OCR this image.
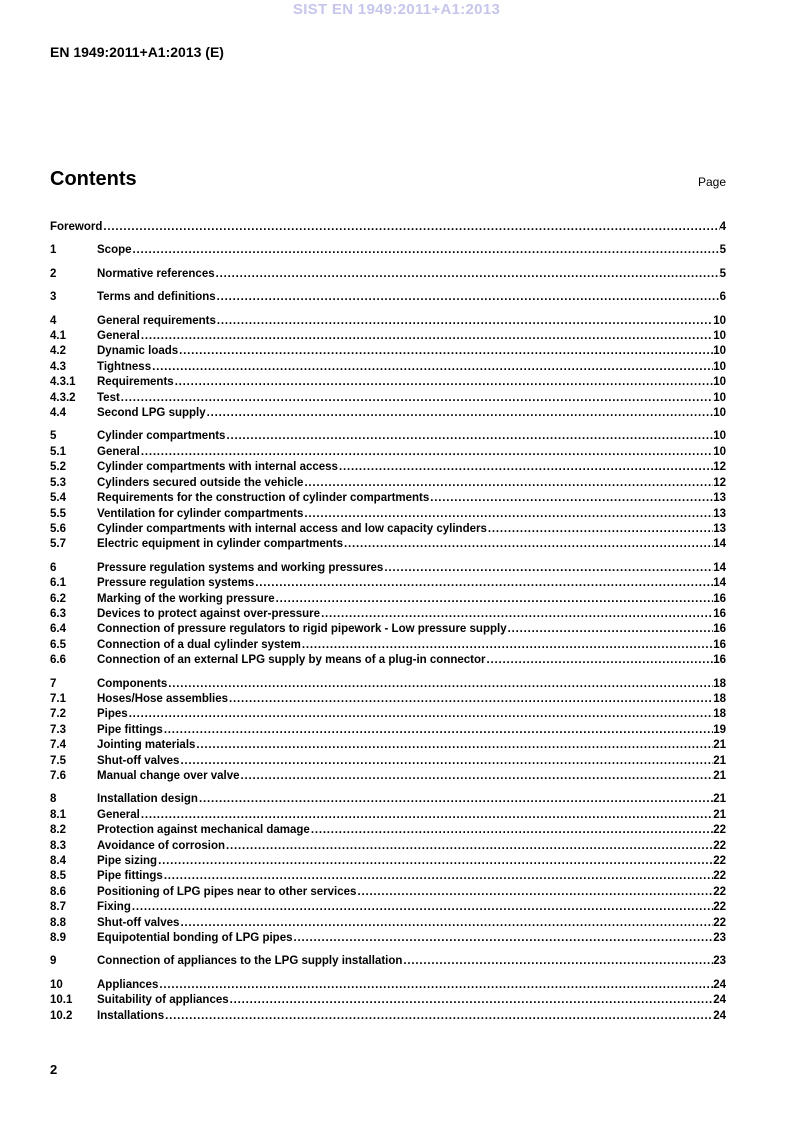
SIST EN 1949:2011+A1:2013
EN 1949:2011+A1:2013 (E)
Contents	Page
Foreword .....	4
1	Scope .....	5
2	Normative references .....	5
3	Terms and definitions .....	6
4	General requirements .....	10
4.1	General .....	10
4.2	Dynamic loads .....	10
4.3	Tightness .....	10
4.3.1	Requirements .....	10
4.3.2	Test .....	10
4.4	Second LPG supply .....	10
5	Cylinder compartments .....	10
5.1	General .....	10
5.2	Cylinder compartments with internal access .....	12
5.3	Cylinders secured outside the vehicle .....	12
5.4	Requirements for the construction of cylinder compartments .....	13
5.5	Ventilation for cylinder compartments .....	13
5.6	Cylinder compartments with internal access and low capacity cylinders .....	13
5.7	Electric equipment in cylinder compartments .....	14
6	Pressure regulation systems and working pressures .....	14
6.1	Pressure regulation systems .....	14
6.2	Marking of the working pressure .....	16
6.3	Devices to protect against over-pressure .....	16
6.4	Connection of pressure regulators to rigid pipework - Low pressure supply .....	16
6.5	Connection of a dual cylinder system .....	16
6.6	Connection of an external LPG supply by means of a plug-in connector .....	16
7	Components .....	18
7.1	Hoses/Hose assemblies .....	18
7.2	Pipes .....	18
7.3	Pipe fittings .....	19
7.4	Jointing materials .....	21
7.5	Shut-off valves .....	21
7.6	Manual change over valve .....	21
8	Installation design .....	21
8.1	General .....	21
8.2	Protection against mechanical damage .....	22
8.3	Avoidance of corrosion .....	22
8.4	Pipe sizing .....	22
8.5	Pipe fittings .....	22
8.6	Positioning of LPG pipes near to other services .....	22
8.7	Fixing .....	22
8.8	Shut-off valves .....	22
8.9	Equipotential bonding of LPG pipes .....	23
9	Connection of appliances to the LPG supply installation .....	23
10	Appliances .....	24
10.1	Suitability of appliances .....	24
10.2	Installations .....	24
2
